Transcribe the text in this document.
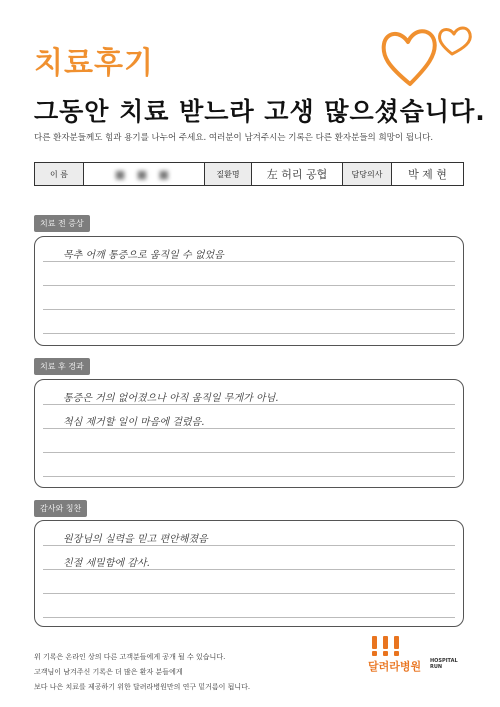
치료후기
그동안 치료 받느라 고생 많으셨습니다.
다른 환자분들께도 힘과 용기를 나누어 주세요. 여러분이 남겨주시는 기록은 다른 환자분들의 희망이 됩니다.
이 름	■ ■ ■	질환명	左 허리 공협	담당의사	박 제 현
치료 전 증상
목추 어깨 통증으로 움직일 수 없었음
치료 후 경과
통증은 거의 없어졌으나 아직 움직일 무게가 아님.
척심 제거할 일이 마음에 걸렸음.
감사와 칭찬
원장님의 실력을 믿고 편안해졌음
친절 세밀함에 감사.
위 기록은 온라인 상의 다른 고객분들에게 공개 될 수 있습니다.
고객님이 남겨주신 기록은 더 많은 환자 분들에게
보다 나은 치료를 제공하기 위한 달려라병원만의 연구 밑거름이 됩니다.
달려라병원 HOSPITAL
RUN
